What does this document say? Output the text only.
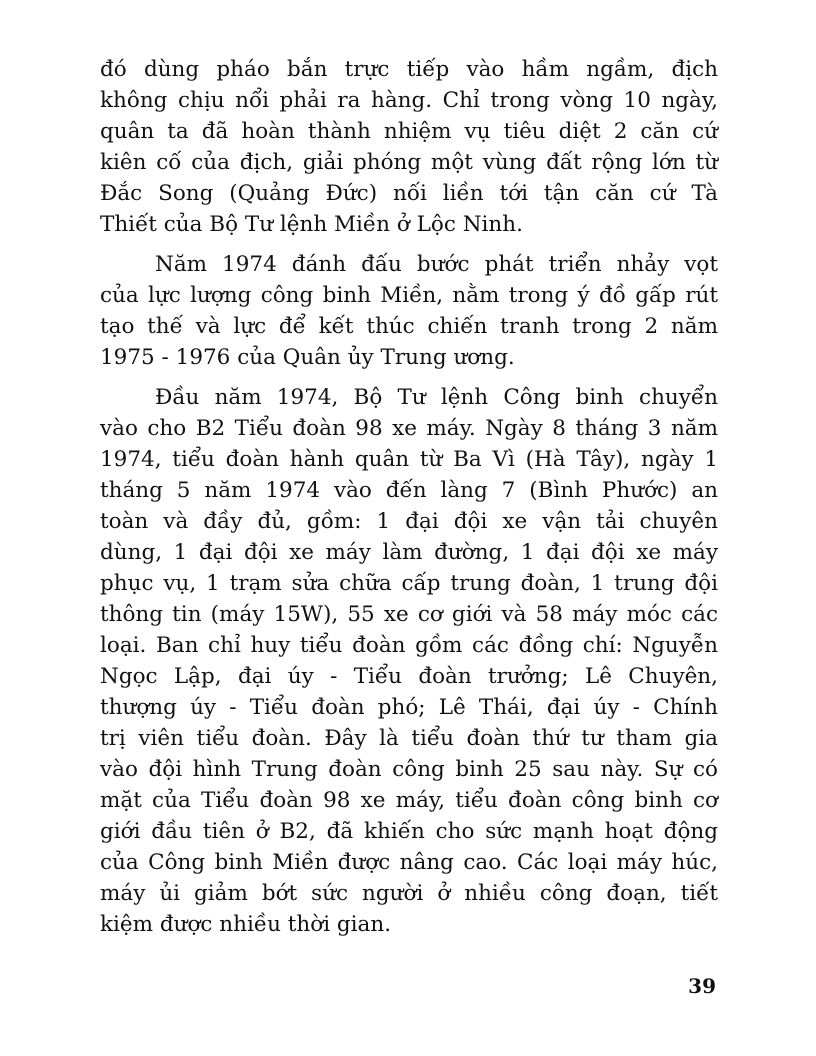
đó dùng pháo bắn trực tiếp vào hầm ngầm, địch
không chịu nổi phải ra hàng. Chỉ trong vòng 10 ngày,
quân ta đã hoàn thành nhiệm vụ tiêu diệt 2 căn cứ
kiên cố của địch, giải phóng một vùng đất rộng lớn từ
Đắc Song (Quảng Đức) nối liền tới tận căn cứ Tà
Thiết của Bộ Tư lệnh Miền ở Lộc Ninh.
Năm 1974 đánh đấu bước phát triển nhảy vọt
của lực lượng công binh Miền, nằm trong ý đồ gấp rút
tạo thế và lực để kết thúc chiến tranh trong 2 năm
1975 - 1976 của Quân ủy Trung ương.
Đầu năm 1974, Bộ Tư lệnh Công binh chuyển
vào cho B2 Tiểu đoàn 98 xe máy. Ngày 8 tháng 3 năm
1974, tiểu đoàn hành quân từ Ba Vì (Hà Tây), ngày 1
tháng 5 năm 1974 vào đến làng 7 (Bình Phước) an
toàn và đầy đủ, gồm: 1 đại đội xe vận tải chuyên
dùng, 1 đại đội xe máy làm đường, 1 đại đội xe máy
phục vụ, 1 trạm sửa chữa cấp trung đoàn, 1 trung đội
thông tin (máy 15W), 55 xe cơ giới và 58 máy móc các
loại. Ban chỉ huy tiểu đoàn gồm các đồng chí: Nguyễn
Ngọc Lập, đại úy - Tiểu đoàn trưởng; Lê Chuyên,
thượng úy - Tiểu đoàn phó; Lê Thái, đại úy - Chính
trị viên tiểu đoàn. Đây là tiểu đoàn thứ tư tham gia
vào đội hình Trung đoàn công binh 25 sau này. Sự có
mặt của Tiểu đoàn 98 xe máy, tiểu đoàn công binh cơ
giới đầu tiên ở B2, đã khiến cho sức mạnh hoạt động
của Công binh Miền được nâng cao. Các loại máy húc,
máy ủi giảm bớt sức người ở nhiều công đoạn, tiết
kiệm được nhiều thời gian.
39
